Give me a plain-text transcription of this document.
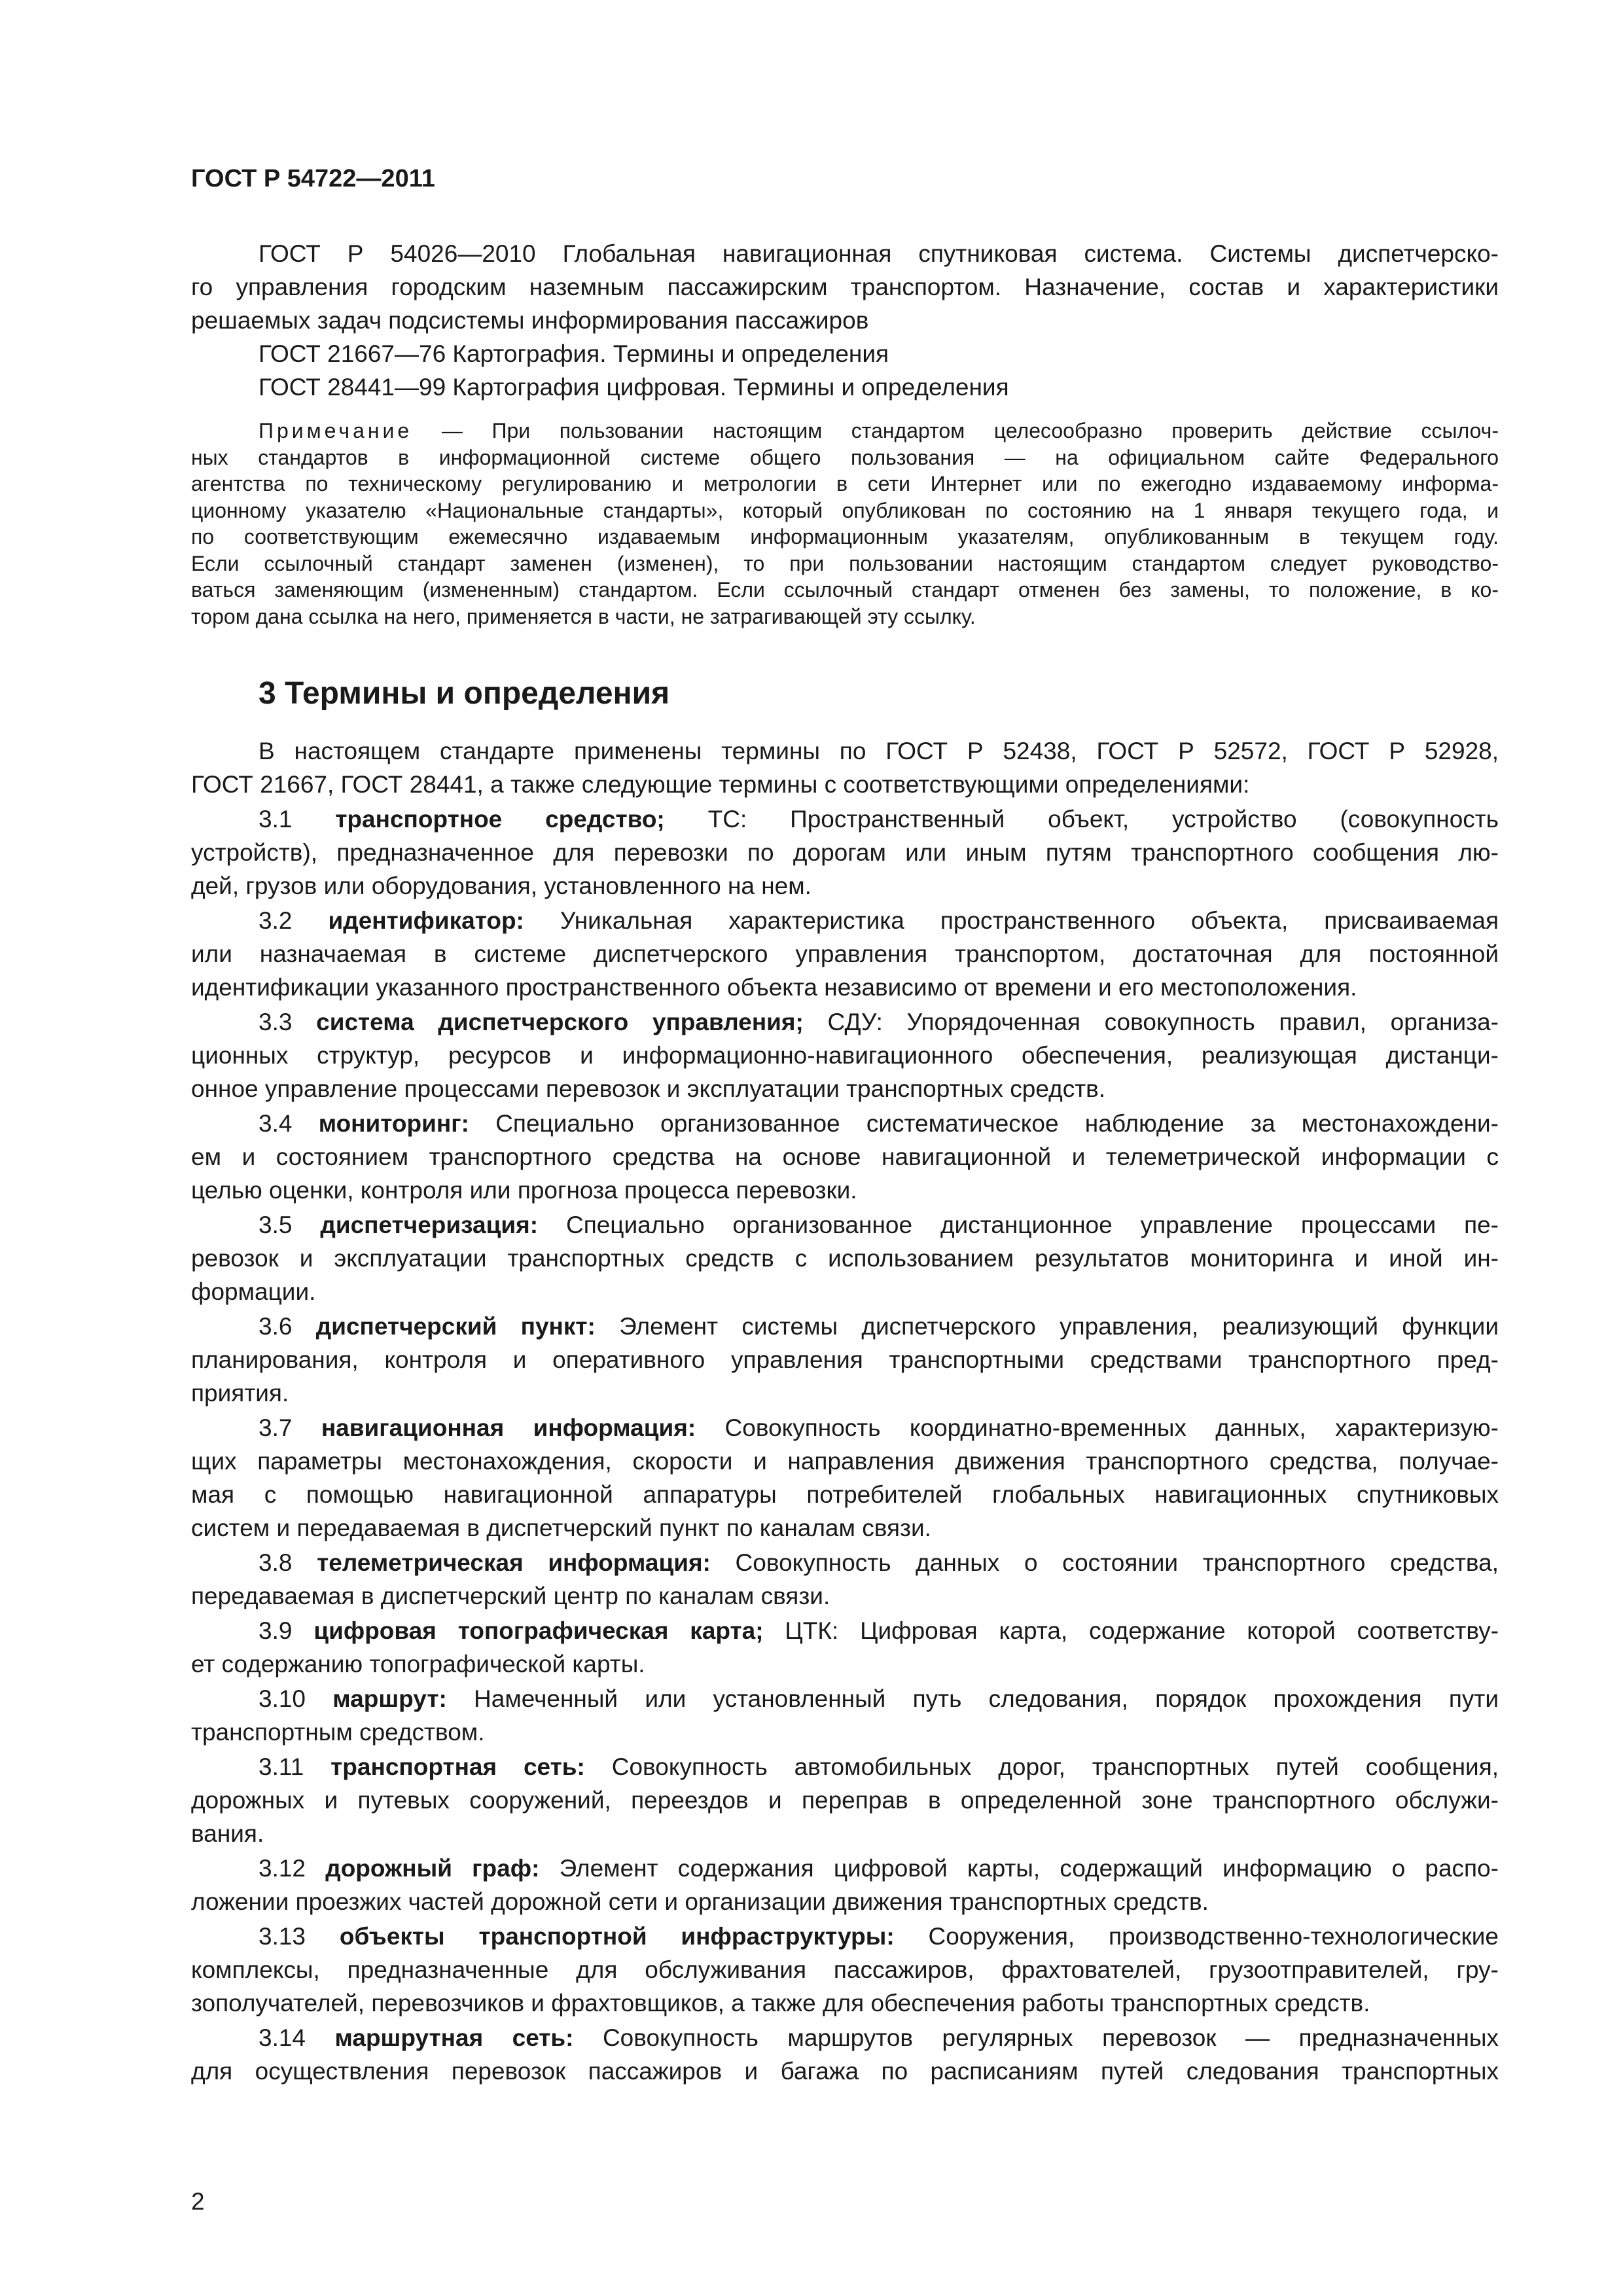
ГОСТ Р 54722—2011
ГОСТ Р 54026—2010 Глобальная навигационная спутниковая система. Системы диспетчерско-
го управления городским наземным пассажирским транспортом. Назначение, состав и характеристики
решаемых задач подсистемы информирования пассажиров
ГОСТ 21667—76 Картография. Термины и определения
ГОСТ 28441—99 Картография цифровая. Термины и определения
Примечание — При пользовании настоящим стандартом целесообразно проверить действие ссылоч-
ных стандартов в информационной системе общего пользования — на официальном сайте Федерального
агентства по техническому регулированию и метрологии в сети Интернет или по ежегодно издаваемому информа-
ционному указателю «Национальные стандарты», который опубликован по состоянию на 1 января текущего года, и
по соответствующим ежемесячно издаваемым информационным указателям, опубликованным в текущем году.
Если ссылочный стандарт заменен (изменен), то при пользовании настоящим стандартом следует руководство-
ваться заменяющим (измененным) стандартом. Если ссылочный стандарт отменен без замены, то положение, в ко-
тором дана ссылка на него, применяется в части, не затрагивающей эту ссылку.
3 Термины и определения
В настоящем стандарте применены термины по ГОСТ Р 52438, ГОСТ Р 52572, ГОСТ Р 52928,
ГОСТ 21667, ГОСТ 28441, а также следующие термины с соответствующими определениями:
3.1 транспортное средство; ТС: Пространственный объект, устройство (совокупность
устройств), предназначенное для перевозки по дорогам или иным путям транспортного сообщения лю-
дей, грузов или оборудования, установленного на нем.
3.2 идентификатор: Уникальная характеристика пространственного объекта, присваиваемая
или назначаемая в системе диспетчерского управления транспортом, достаточная для постоянной
идентификации указанного пространственного объекта независимо от времени и его местоположения.
3.3 система диспетчерского управления; СДУ: Упорядоченная совокупность правил, организа-
ционных структур, ресурсов и информационно-навигационного обеспечения, реализующая дистанци-
онное управление процессами перевозок и эксплуатации транспортных средств.
3.4 мониторинг: Специально организованное систематическое наблюдение за местонахождени-
ем и состоянием транспортного средства на основе навигационной и телеметрической информации с
целью оценки, контроля или прогноза процесса перевозки.
3.5 диспетчеризация: Специально организованное дистанционное управление процессами пе-
ревозок и эксплуатации транспортных средств с использованием результатов мониторинга и иной ин-
формации.
3.6 диспетчерский пункт: Элемент системы диспетчерского управления, реализующий функции
планирования, контроля и оперативного управления транспортными средствами транспортного пред-
приятия.
3.7 навигационная информация: Совокупность координатно-временных данных, характеризую-
щих параметры местонахождения, скорости и направления движения транспортного средства, получае-
мая с помощью навигационной аппаратуры потребителей глобальных навигационных спутниковых
систем и передаваемая в диспетчерский пункт по каналам связи.
3.8 телеметрическая информация: Совокупность данных о состоянии транспортного средства,
передаваемая в диспетчерский центр по каналам связи.
3.9 цифровая топографическая карта; ЦТК: Цифровая карта, содержание которой соответству-
ет содержанию топографической карты.
3.10 маршрут: Намеченный или установленный путь следования, порядок прохождения пути
транспортным средством.
3.11 транспортная сеть: Совокупность автомобильных дорог, транспортных путей сообщения,
дорожных и путевых сооружений, переездов и переправ в определенной зоне транспортного обслужи-
вания.
3.12 дорожный граф: Элемент содержания цифровой карты, содержащий информацию о распо-
ложении проезжих частей дорожной сети и организации движения транспортных средств.
3.13 объекты транспортной инфраструктуры: Сооружения, производственно-технологические
комплексы, предназначенные для обслуживания пассажиров, фрахтователей, грузоотправителей, гру-
зополучателей, перевозчиков и фрахтовщиков, а также для обеспечения работы транспортных средств.
3.14 маршрутная сеть: Совокупность маршрутов регулярных перевозок — предназначенных
для осуществления перевозок пассажиров и багажа по расписаниям путей следования транспортных
2
